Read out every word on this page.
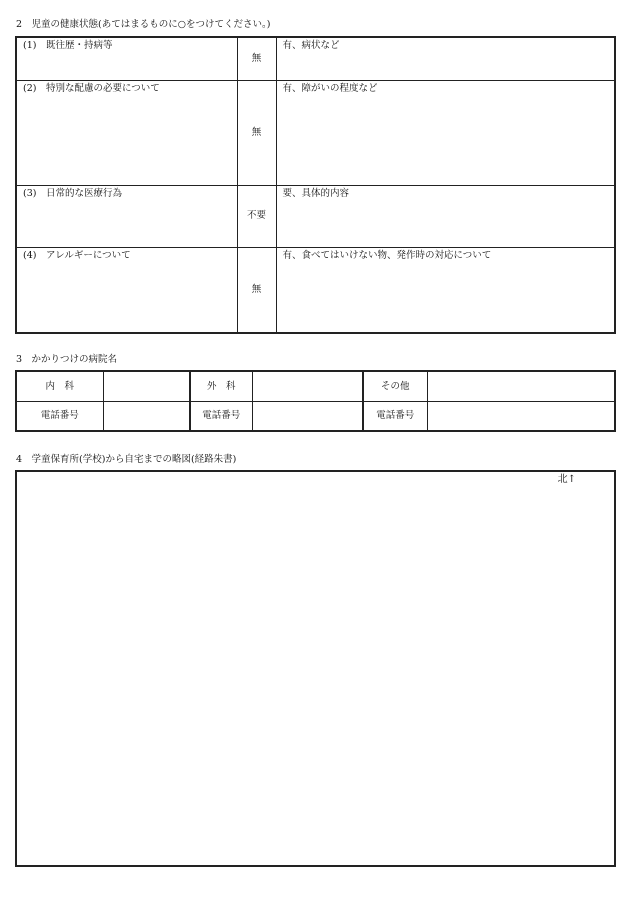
2　児童の健康状態(あてはまるものに○をつけてください。)
(1)　既往歴・持病等	無	有、病状など
(2)　特別な配慮の必要について	無	有、障がいの程度など
(3)　日常的な医療行為	不要	要、具体的内容
(4)　アレルギーについて	無	有、食べてはいけない物、発作時の対応について
3　かかりつけの病院名
内　科		外　科		その他	
電話番号		電話番号		電話番号	
4　学童保育所(学校)から自宅までの略図(経路朱書)
北↑
